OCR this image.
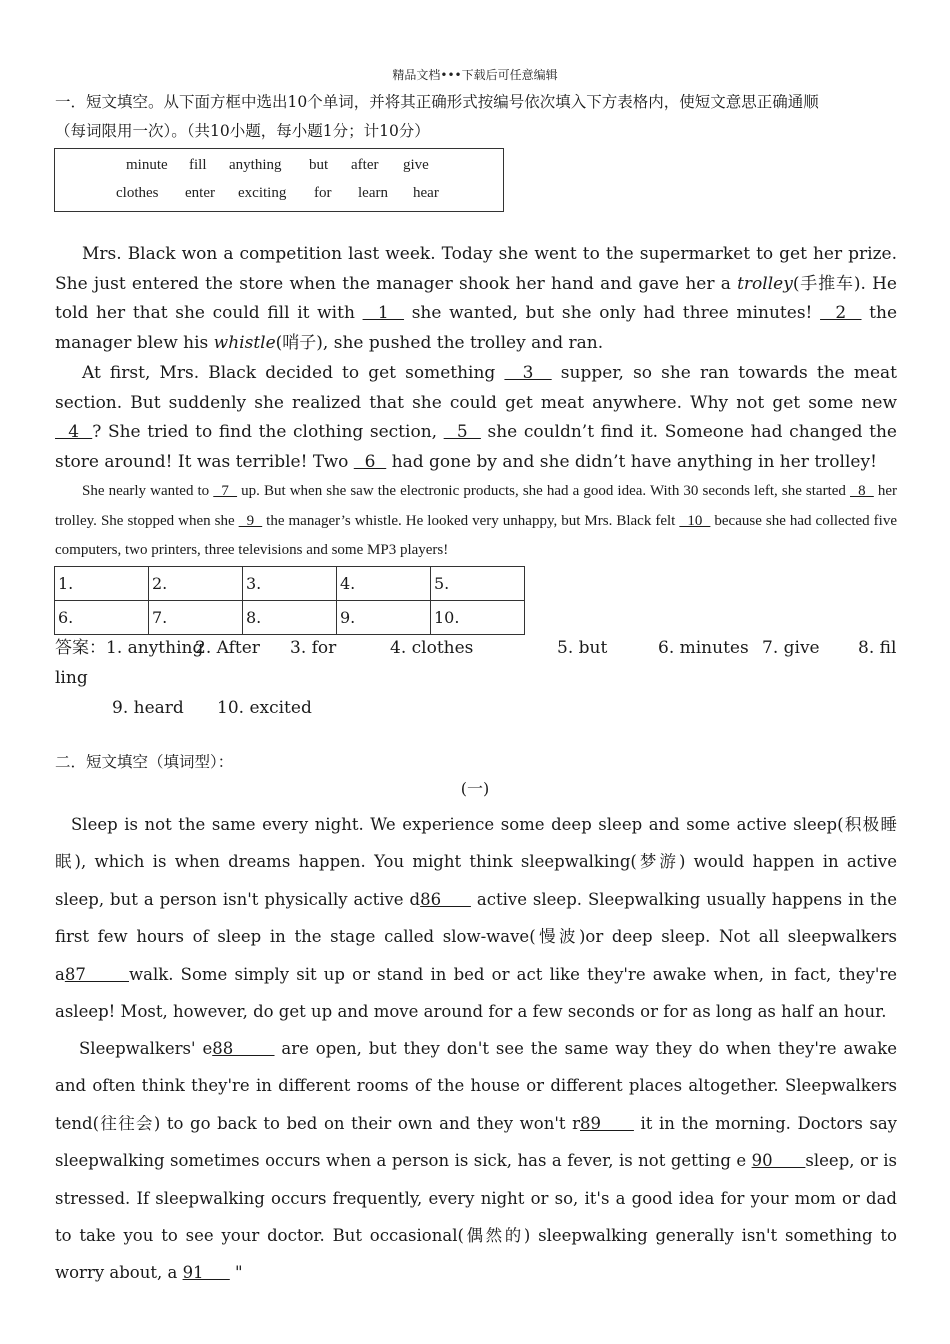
精品文档•••下载后可任意编辑
一．短文填空。从下面方框中选出10个单词，并将其正确形式按编号依次填入下方表格内，使短文意思正确通顺
（每词限用一次）。（共10小题，每小题1分；计10分）
minute fill anything but after give
clothes enter exciting for learn hear
Mrs. Black won a competition last week. Today she went to the supermarket to get her prize. She just entered the store when the manager shook her hand and gave her a trolley(手推车). He told her that she could fill it with   1   she wanted, but she only had three minutes!   2   the manager blew his whistle(哨子), she pushed the trolley and ran.
At first, Mrs. Black decided to get something   3   supper, so she ran towards the meat section. But suddenly she realized that she could get meat anywhere. Why not get some new   4  ? She tried to find the clothing section,   5   she couldn’t find it. Someone had changed the store around! It was terrible! Two   6   had gone by and she didn’t have anything in her trolley!
She nearly wanted to   7   up. But when she saw the electronic products, she had a good idea. With 30 seconds left, she started   8   her trolley. She stopped when she   9   the manager’s whistle. He looked very unhappy, but Mrs. Black felt   10   because she had collected five computers, two printers, three televisions and some MP3 players!
1.	2.	3.	4.	5.
6.	7.	8.	9.	10.
答案：1. anything
2. After 3. for	4. clothes	5. but	6. minutes 7. give 8. fil
ling
9. heard 10. excited
二．短文填空（填词型）：
(一)
Sleep is not the same every night. We experience some deep sleep and some active sleep(积极睡眠), which is when dreams happen. You might think sleepwalking(梦游) would happen in active sleep, but a person isn't physically active d86      active sleep. Sleepwalking usually happens in the first few hours of sleep in the stage called slow-wave(慢波)or deep sleep. Not all sleepwalkers a87      walk. Some simply sit up or stand in bed or act like they're awake when, in fact, they're asleep! Most, however, do get up and move around for a few seconds or for as long as half an hour.
Sleepwalkers' e88       are open, but they don't see the same way they do when they're awake and often think they're in different rooms of the house or different places altogether. Sleepwalkers tend(往往会) to go back to bed on their own and they won't r89      it in the morning. Doctors say sleepwalking sometimes occurs when a person is sick, has a fever, is not getting e 90      sleep, or is stressed. If sleepwalking occurs frequently, every night or so, it's a good idea for your mom or dad to take you to see your doctor. But occasional(偶然的) sleepwalking generally isn't something to worry about, a 91      "
